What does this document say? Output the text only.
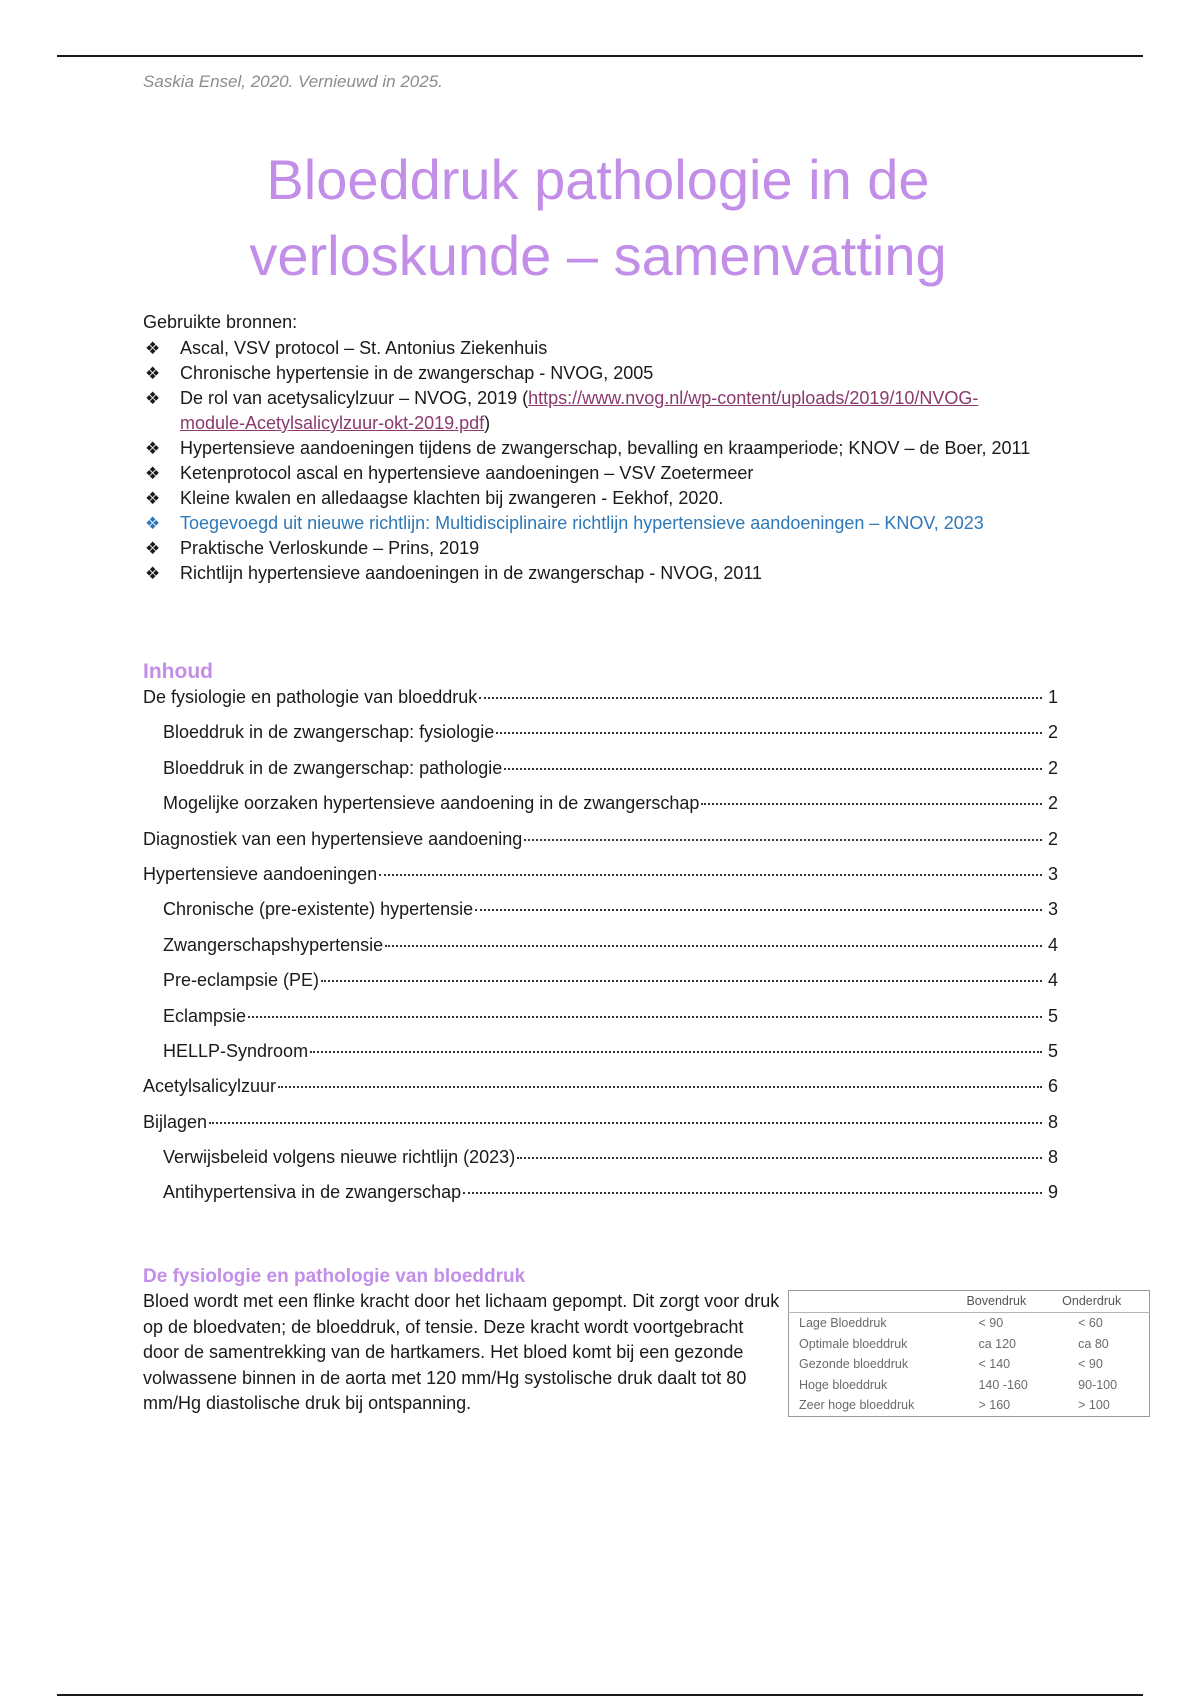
Saskia Ensel, 2020. Vernieuwd in 2025.
Bloeddruk pathologie in de
verloskunde – samenvatting

Gebruikte bronnen:

❖ Ascal, VSV protocol – St. Antonius Ziekenhuis
❖ Chronische hypertensie in de zwangerschap - NVOG, 2005
❖ De rol van acetysalicylzuur – NVOG, 2019 (https://www.nvog.nl/wp-content/uploads/2019/10/NVOG-module-Acetylsalicylzuur-okt-2019.pdf)
❖ Hypertensieve aandoeningen tijdens de zwangerschap, bevalling en kraamperiode; KNOV – de Boer, 2011
❖ Ketenprotocol ascal en hypertensieve aandoeningen – VSV Zoetermeer
❖ Kleine kwalen en alledaagse klachten bij zwangeren - Eekhof, 2020.
❖ Toegevoegd uit nieuwe richtlijn: Multidisciplinaire richtlijn hypertensieve aandoeningen – KNOV, 2023
❖ Praktische Verloskunde – Prins, 2019
❖ Richtlijn hypertensieve aandoeningen in de zwangerschap - NVOG, 2011
Inhoud
De fysiologie en pathologie van bloeddruk	1
Bloeddruk in de zwangerschap: fysiologie	2
Bloeddruk in de zwangerschap: pathologie	2
Mogelijke oorzaken hypertensieve aandoening in de zwangerschap	2
Diagnostiek van een hypertensieve aandoening	2
Hypertensieve aandoeningen	3
Chronische (pre-existente) hypertensie	3
Zwangerschapshypertensie	4
Pre-eclampsie (PE)	4
Eclampsie	5
HELLP-Syndroom	5
Acetylsalicylzuur	6
Bijlagen	8
Verwijsbeleid volgens nieuwe richtlijn (2023)	8
Antihypertensiva in de zwangerschap	9
De fysiologie en pathologie van bloeddruk

Bloed wordt met een flinke kracht door het lichaam gepompt. Dit zorgt voor druk op de bloedvaten; de bloeddruk, of tensie. Deze kracht wordt voortgebracht door de samentrekking van de hartkamers. Het bloed komt bij een gezonde volwassene binnen in de aorta met 120 mm/Hg systolische druk daalt tot 80 mm/Hg diastolische druk bij ontspanning.

	Bovendruk	Onderdruk
Lage Bloeddruk	< 90	< 60
Optimale bloeddruk	ca 120	ca 80
Gezonde bloeddruk	< 140	< 90
Hoge bloeddruk	140 -160	90-100
Zeer hoge bloeddruk	> 160	> 100
